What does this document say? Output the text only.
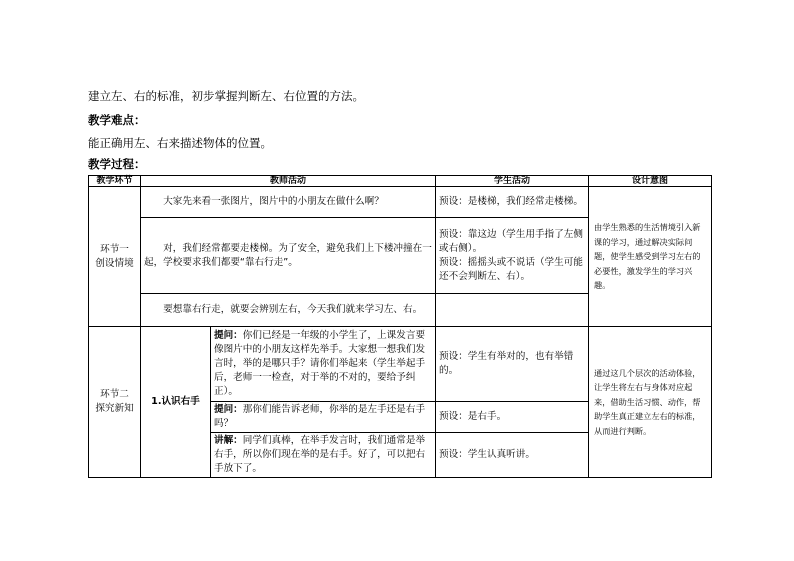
建立左、右的标准，初步掌握判断左、右位置的方法。
教学难点：
能正确用左、右来描述物体的位置。
教学过程：
教学环节	教师活动		学生活动	设计意图
环节一
创设情境	大家先来看一张图片，图片中的小朋友在做什么啊？		预设：是楼梯，我们经常走楼梯。	由学生熟悉的生活情境引入新课的学习，通过解决实际问题，使学生感受到学习左右的必要性，激发学生的学习兴趣。
	对，我们经常都要走楼梯。为了安全，避免我们上下楼冲撞在一起，学校要求我们都要“靠右行走”。		预设：靠这边（学生用手指了左侧或右侧）。
预设：摇摇头或不说话（学生可能还不会判断左、右）。	
	要想靠右行走，就要会辨别左右，今天我们就来学习左、右。			
环节二
探究新知	1.认识右手	提问：你们已经是一年级的小学生了，上课发言要像图片中的小朋友这样先举手。大家想一想我们发言时，举的是哪只手？请你们举起来（学生举起手后，老师一一检查，对于举的不对的，要给予纠正）。	预设：学生有举对的，也有举错的。	通过这几个层次的活动体验，让学生将左右与身体对应起来，借助生活习惯、动作，帮助学生真正建立左右的标准，从而进行判断。
		提问：那你们能告诉老师，你举的是左手还是右手吗？	预设：是右手。	
		讲解：同学们真棒，在举手发言时，我们通常是举右手，所以你们现在举的是右手。好了，可以把右手放下了。	预设：学生认真听讲。	
